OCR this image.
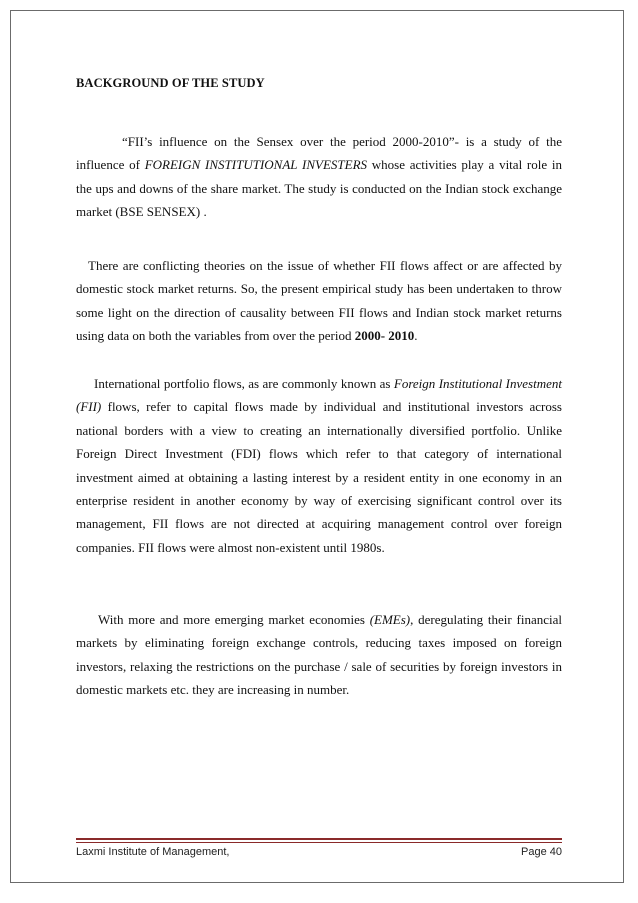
BACKGROUND OF THE STUDY

“FII’s influence on the Sensex over the period 2000-2010”- is a study of the influence of FOREIGN INSTITUTIONAL INVESTERS whose activities play a vital role in the ups and downs of the share market. The study is conducted on the Indian stock exchange market (BSE SENSEX) .

There are conflicting theories on the issue of whether FII flows affect or are affected by domestic stock market returns. So, the present empirical study has been undertaken to throw some light on the direction of causality between FII flows and Indian stock market returns using data on both the variables from over the period 2000- 2010.

International portfolio flows, as are commonly known as Foreign Institutional Investment (FII) flows, refer to capital flows made by individual and institutional investors across national borders with a view to creating an internationally diversified portfolio. Unlike Foreign Direct Investment (FDI) flows which refer to that category of international investment aimed at obtaining a lasting interest by a resident entity in one economy in an enterprise resident in another economy by way of exercising significant control over its management, FII flows are not directed at acquiring management control over foreign companies. FII flows were almost non-existent until 1980s.

With more and more emerging market economies (EMEs), deregulating their financial markets by eliminating foreign exchange controls, reducing taxes imposed on foreign investors, relaxing the restrictions on the purchase / sale of securities by foreign investors in domestic markets etc. they are increasing in number.

Laxmi Institute of Management,	Page 40
